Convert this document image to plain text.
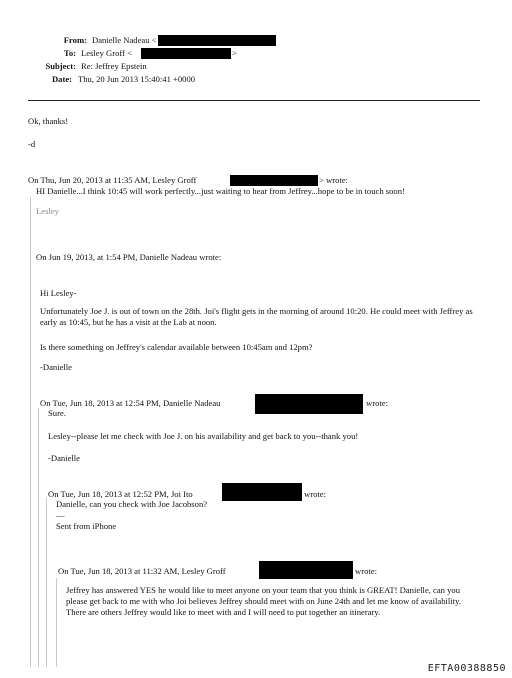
From: Danielle Nadeau <
To: Lesley Groff <	>
Subject: Re: Jeffrey Epstein
Date: Thu, 20 Jun 2013 15:40:41 +0000
Ok, thanks!
-d
On Thu, Jun 20, 2013 at 11:35 AM, Lesley Groff	> wrote:
HI Danielle...I think 10:45 will work perfectly...just waiting to hear from Jeffrey...hope to be in touch soon!
Lesley
On Jun 19, 2013, at 1:54 PM, Danielle Nadeau wrote:
Hi Lesley-
Unfortunately Joe J. is out of town on the 28th. Joi's flight gets in the morning of around 10:20. He could meet with Jeffrey as early as 10:45, but he has a visit at the Lab at noon.
Is there something on Jeffrey's calendar available between 10:45am and 12pm?
-Danielle
On Tue, Jun 18, 2013 at 12:54 PM, Danielle Nadeau	wrote:
Sure.
Lesley--please let me check with Joe J. on his availability and get back to you--thank you!
-Danielle
On Tue, Jun 18, 2013 at 12:52 PM, Joi Ito	wrote:
Danielle, can you check with Joe Jacobson?
—
Sent from iPhone
On Tue, Jun 18, 2013 at 11:32 AM, Lesley Groff	wrote:
Jeffrey has answered YES he would like to meet anyone on your team that you think is GREAT! Danielle, can you please get back to me with who Joi believes Jeffrey should meet with on June 24th and let me know of availability. There are others Jeffrey would like to meet with and I will need to put together an itinerary.
EFTA00388850
